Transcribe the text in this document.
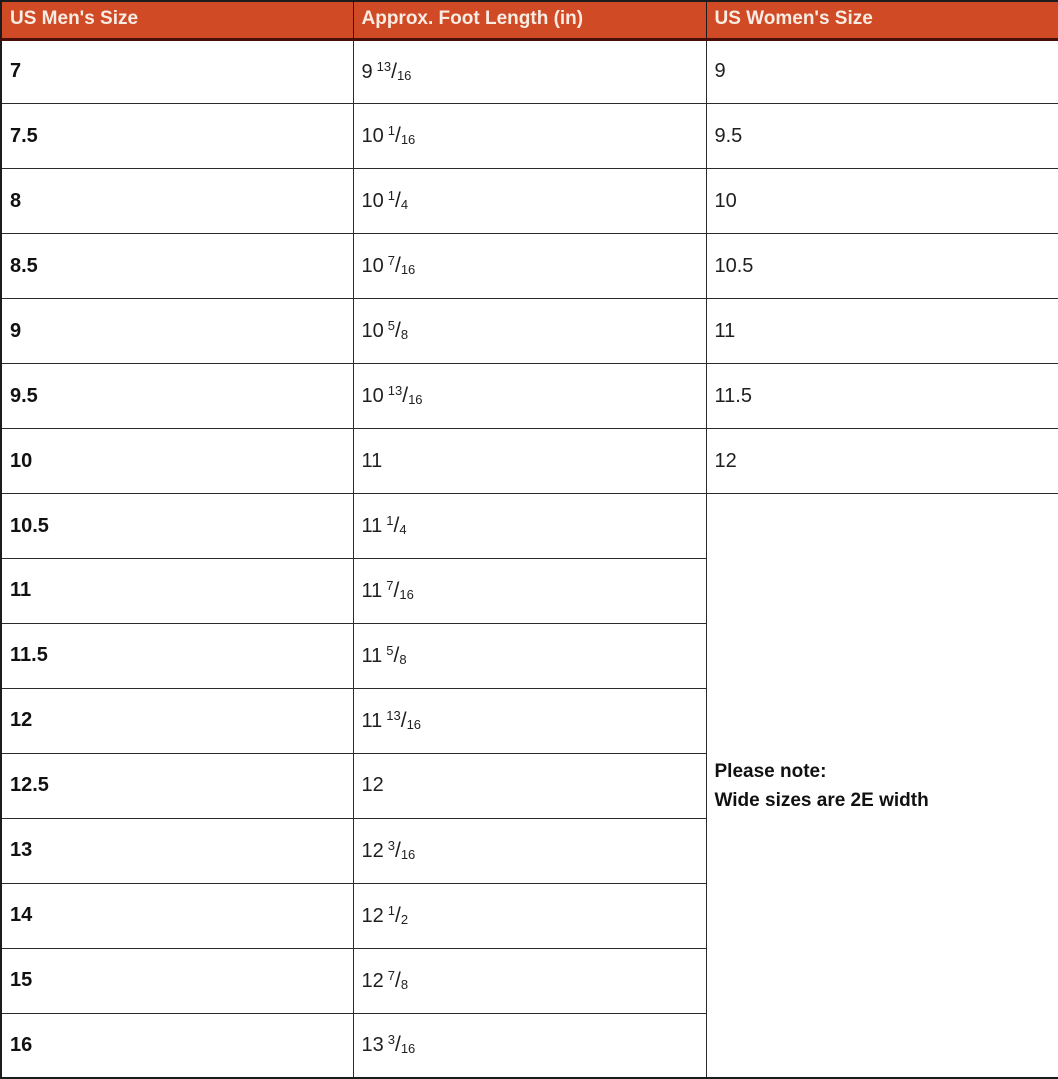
US Men's Size	Approx. Foot Length (in)	US Women's Size
7	9 $^{13}/_{16}$	9
7.5	10 $^1/_{16}$	9.5
8	10 $^1/_4$	10
8.5	10 $^7/_{16}$	10.5
9	10 $^5/_8$	11
9.5	10 $^{13}/_{16}$	11.5
10	11	12
10.5	11 $^1/_4$	Please note:
Wide sizes are 2E width

11	11 $^7/_{16}$
11.5	11 $^5/_8$
12	11 $^{13}/_{16}$
12.5	12	
13	12 $^3/_{16}$
14	12 $^1/_2$
15	12 $^7/_8$
16	13 $^3/_{16}$
